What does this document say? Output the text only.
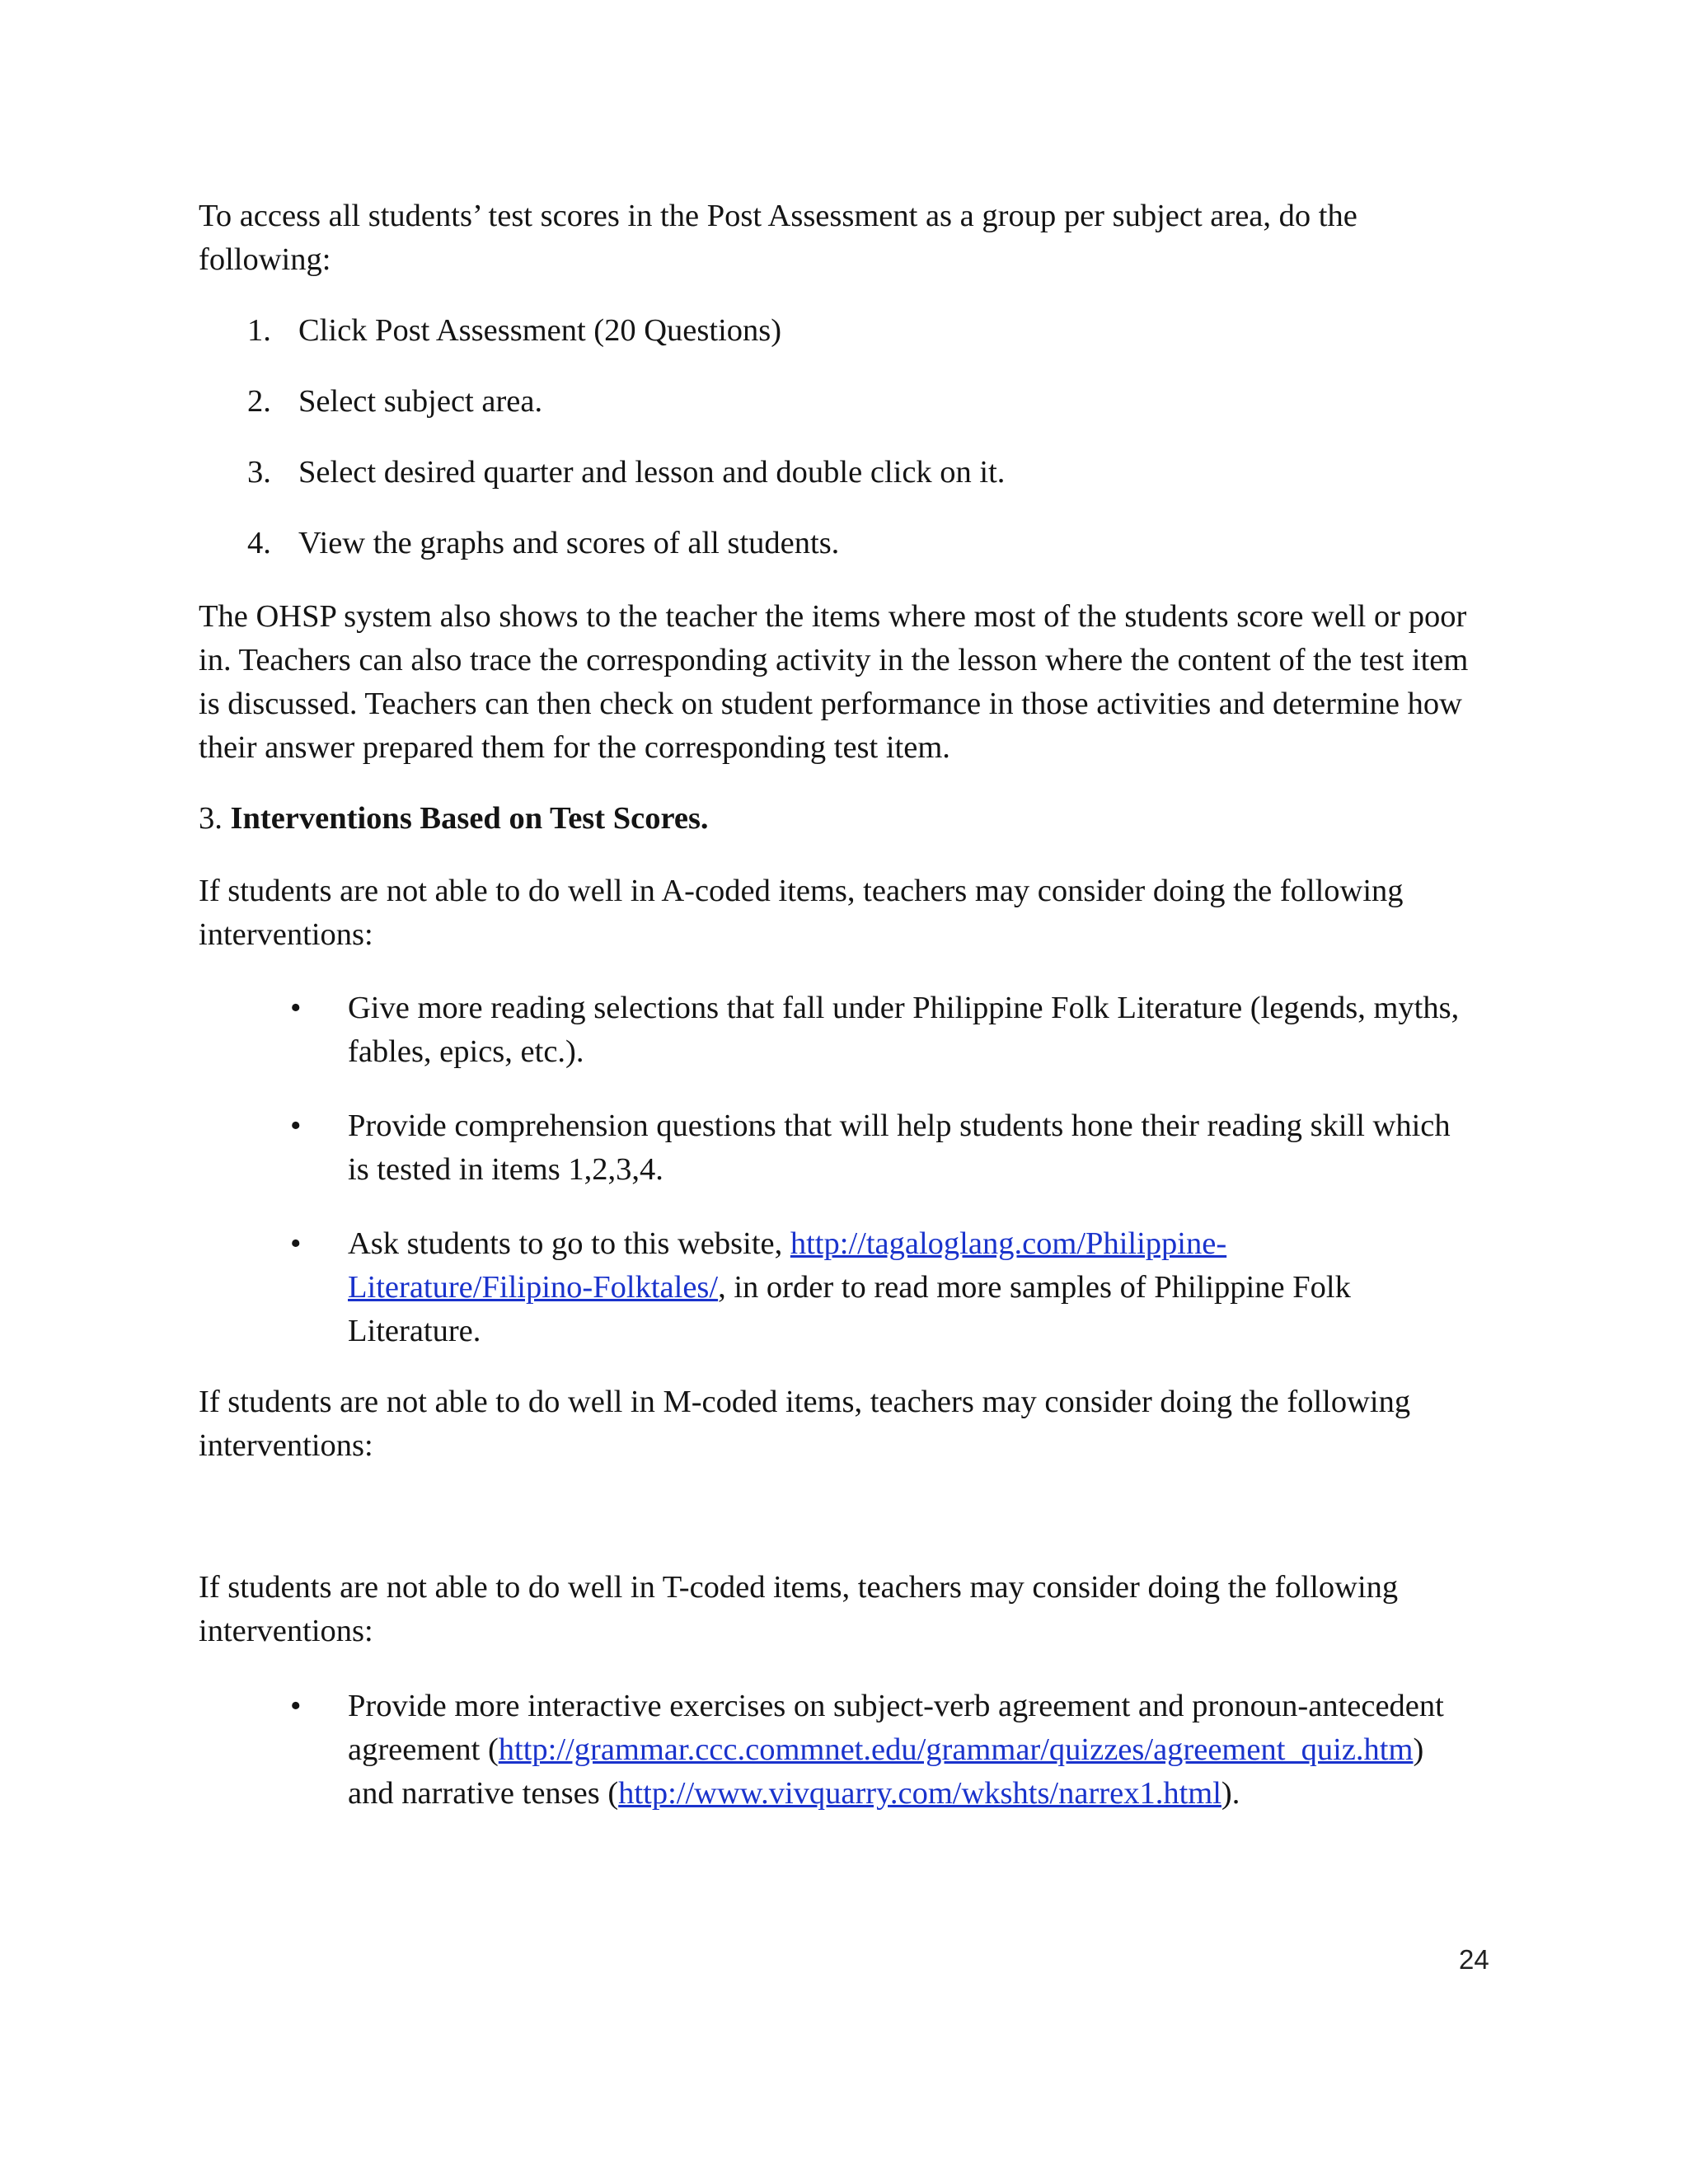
To access all students’ test scores in the Post Assessment as a group per subject area, do the following:

1. Click Post Assessment (20 Questions)
2. Select subject area.
3. Select desired quarter and lesson and double click on it.
4. View the graphs and scores of all students.

The OHSP system also shows to the teacher the items where most of the students score well or poor in. Teachers can also trace the corresponding activity in the lesson where the content of the test item is discussed. Teachers can then check on student performance in those activities and determine how their answer prepared them for the corresponding test item.

3. Interventions Based on Test Scores.

If students are not able to do well in A-coded items, teachers may consider doing the following interventions:

•	Give more reading selections that fall under Philippine Folk Literature (legends, myths, fables, epics, etc.).
•	Provide comprehension questions that will help students hone their reading skill which is tested in items 1,2,3,4.
•	Ask students to go to this website, http://tagaloglang.com/Philippine-Literature/Filipino-Folktales/, in order to read more samples of Philippine Folk Literature.

If students are not able to do well in M-coded items, teachers may consider doing the following interventions:

If students are not able to do well in T-coded items, teachers may consider doing the following interventions:

•	Provide more interactive exercises on subject-verb agreement and pronoun-antecedent agreement (http://grammar.ccc.commnet.edu/grammar/quizzes/agreement_quiz.htm) and narrative tenses (http://www.vivquarry.com/wkshts/narrex1.html).
24
